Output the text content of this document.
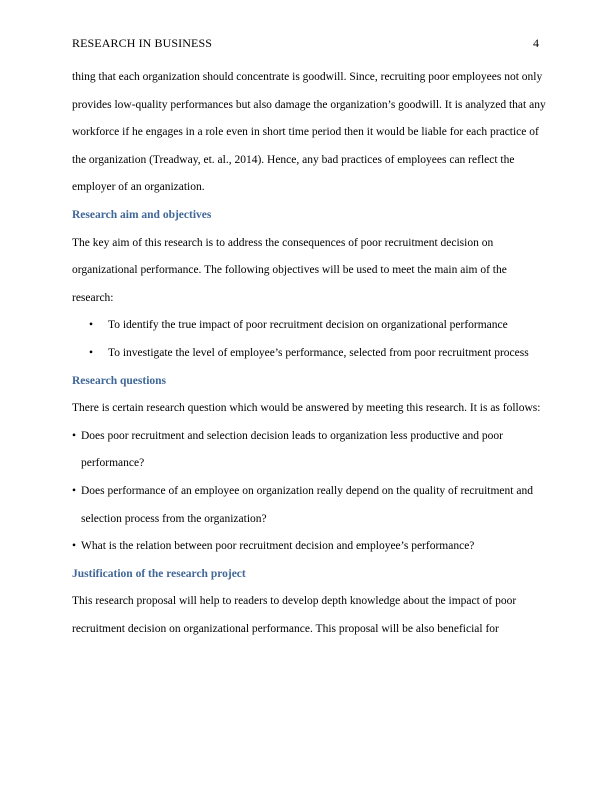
RESEARCH IN BUSINESS	4

thing that each organization should concentrate is goodwill. Since, recruiting poor employees not only provides low-quality performances but also damage the organization’s goodwill. It is analyzed that any workforce if he engages in a role even in short time period then it would be liable for each practice of the organization (Treadway, et. al., 2014). Hence, any bad practices of employees can reflect the employer of an organization.

Research aim and objectives

The key aim of this research is to address the consequences of poor recruitment decision on organizational performance. The following objectives will be used to meet the main aim of the research:

• To identify the true impact of poor recruitment decision on organizational performance
• To investigate the level of employee’s performance, selected from poor recruitment process

Research questions

There is certain research question which would be answered by meeting this research. It is as follows:

• Does poor recruitment and selection decision leads to organization less productive and poor performance?
• Does performance of an employee on organization really depend on the quality of recruitment and selection process from the organization?
• What is the relation between poor recruitment decision and employee’s performance?

Justification of the research project

This research proposal will help to readers to develop depth knowledge about the impact of poor recruitment decision on organizational performance. This proposal will be also beneficial for
